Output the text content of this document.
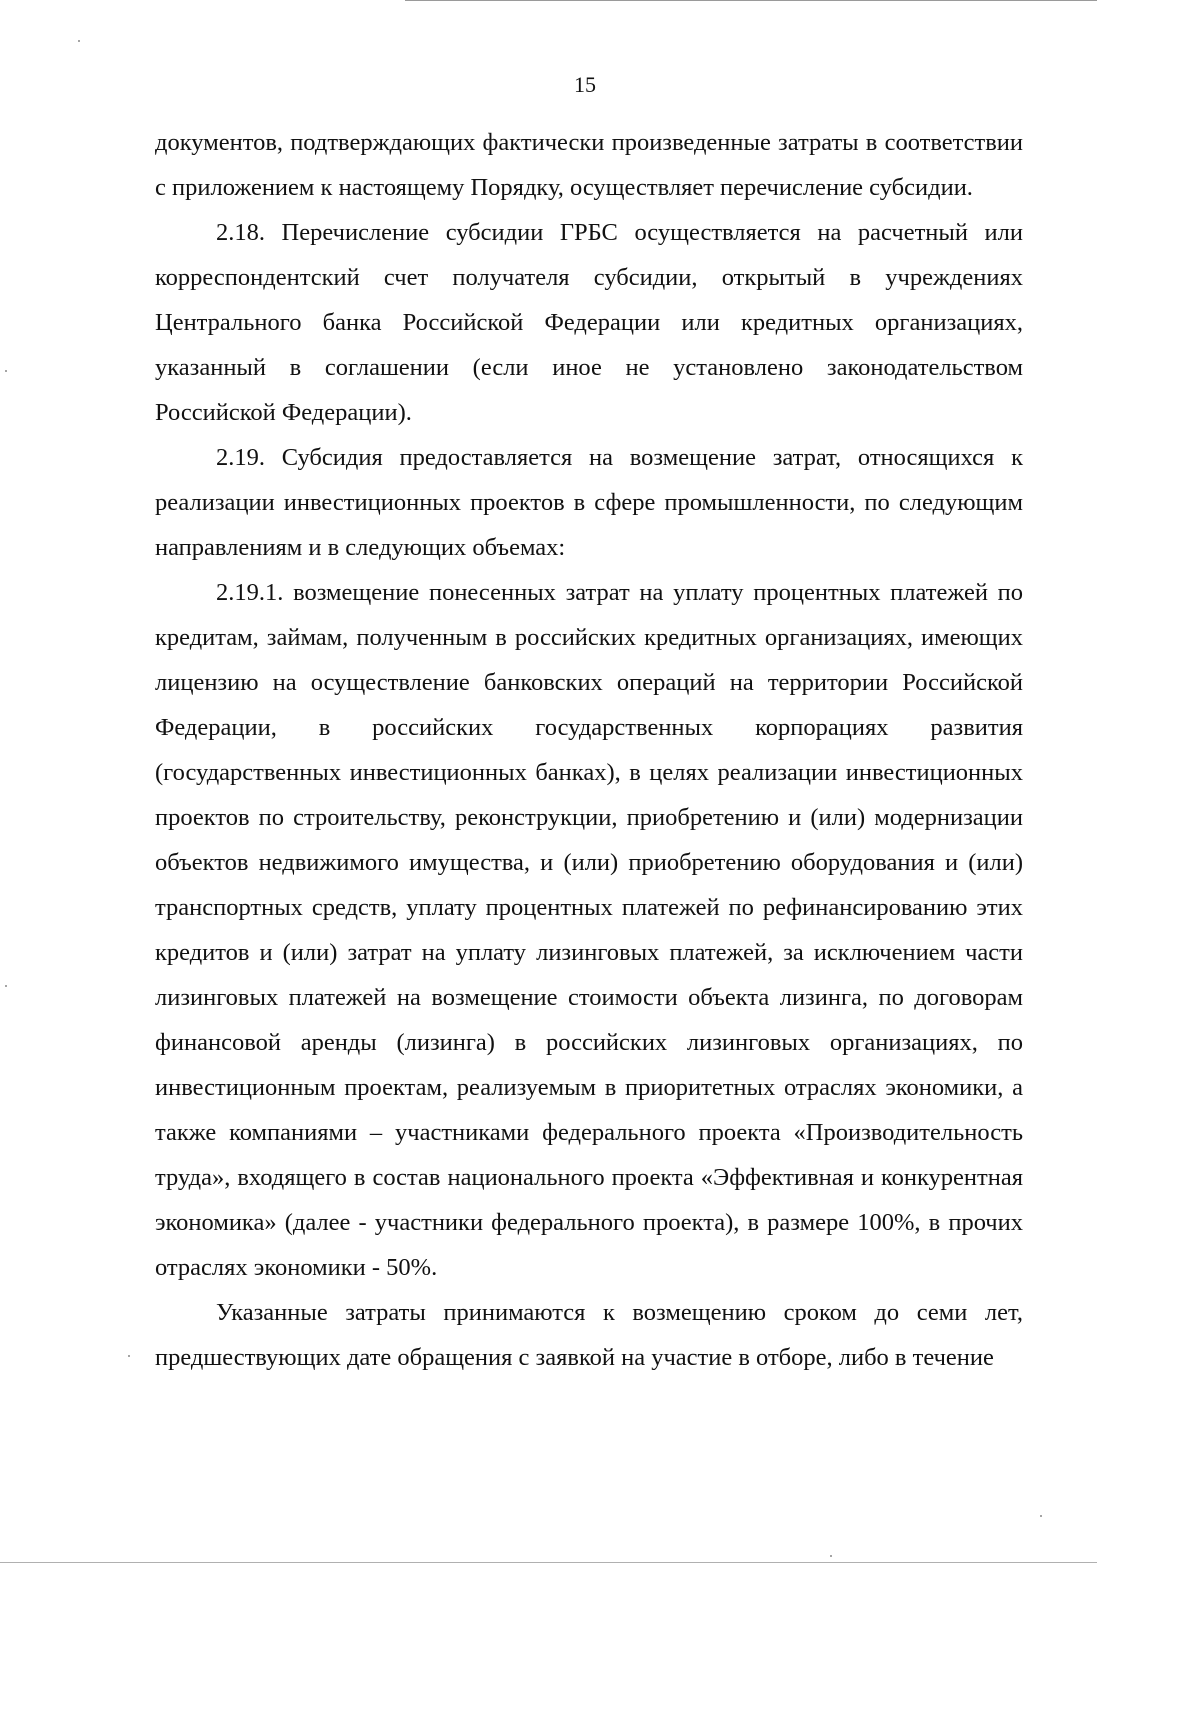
15

документов, подтверждающих фактически произведенные затраты в соответствии с приложением к настоящему Порядку, осуществляет перечисление субсидии.

2.18. Перечисление субсидии ГРБС осуществляется на расчетный или корреспондентский счет получателя субсидии, открытый в учреждениях Центрального банка Российской Федерации или кредитных организациях, указанный в соглашении (если иное не установлено законодательством Российской Федерации).

2.19. Субсидия предоставляется на возмещение затрат, относящихся к реализации инвестиционных проектов в сфере промышленности, по следующим направлениям и в следующих объемах:

2.19.1. возмещение понесенных затрат на уплату процентных платежей по кредитам, займам, полученным в российских кредитных организациях, имеющих лицензию на осуществление банковских операций на территории Российской Федерации, в российских государственных корпорациях развития (государственных инвестиционных банках), в целях реализации инвестиционных проектов по строительству, реконструкции, приобретению и (или) модернизации объектов недвижимого имущества, и (или) приобретению оборудования и (или) транспортных средств, уплату процентных платежей по рефинансированию этих кредитов и (или) затрат на уплату лизинговых платежей, за исключением части лизинговых платежей на возмещение стоимости объекта лизинга, по договорам финансовой аренды (лизинга) в российских лизинговых организациях, по инвестиционным проектам, реализуемым в приоритетных отраслях экономики, а также компаниями – участниками федерального проекта «Производительность труда», входящего в состав национального проекта «Эффективная и конкурентная экономика» (далее - участники федерального проекта), в размере 100%, в прочих отраслях экономики - 50%.

Указанные затраты принимаются к возмещению сроком до семи лет, предшествующих дате обращения с заявкой на участие в отборе, либо в течение
